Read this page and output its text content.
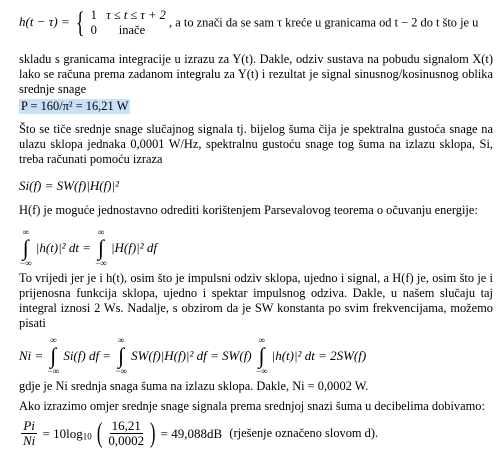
h(t − τ) = { 1 τ ≤ t ≤ τ + 2
0 inače , a to znači da se sam τ kreće u granicama od t − 2 do t što je u
skladu s granicama integracije u izrazu za Y(t). Dakle, odziv sustava na pobudu signalom X(t) lako se računa prema zadanom integralu za Y(t) i rezultat je signal sinusnog/kosinusnog oblika srednje snage
P = 160/π² = 16,21 W
Što se tiče srednje snage slučajnog signala tj. bijelog šuma čija je spektralna gustoća snage na ulazu sklopa jednaka 0,0001 W/Hz, spektralnu gustoću snage tog šuma na izlazu sklopa, Si, treba računati pomoću izraza
Si(f) = SW(f)|H(f)|²
H(f) je moguće jednostavno odrediti korištenjem Parsevalovog teorema o očuvanju energije:
∞
∫
−∞
|h(t)|² dt =
∞
∫
−∞
|H(f)|² df
To vrijedi jer je i h(t), osim što je impulsni odziv sklopa, ujedno i signal, a H(f) je, osim što je i prijenosna funkcija sklopa, ujedno i spektar impulsnog odziva. Dakle, u našem slučaju taj integral iznosi 2 Ws. Nadalje, s obzirom da je SW konstanta po svim frekvencijama, možemo pisati
Ni =
∞
∫
−∞
Si(f) df =
∞
∫
−∞
SW(f)|H(f)|² df = SW(f)
∞
∫
−∞
|h(t)|² dt = 2SW(f)
gdje je Ni srednja snaga šuma na izlazu sklopa. Dakle, Ni = 0,0002 W.
Ako izrazimo omjer srednje snage signala prema srednjoj snazi šuma u decibelima dobivamo:
$\frac{Pi}{Ni} = 10\log_{10}$ ( $\frac{16,21}{0,0002}$ ) = 49,088dB (rješenje označeno slovom d).
